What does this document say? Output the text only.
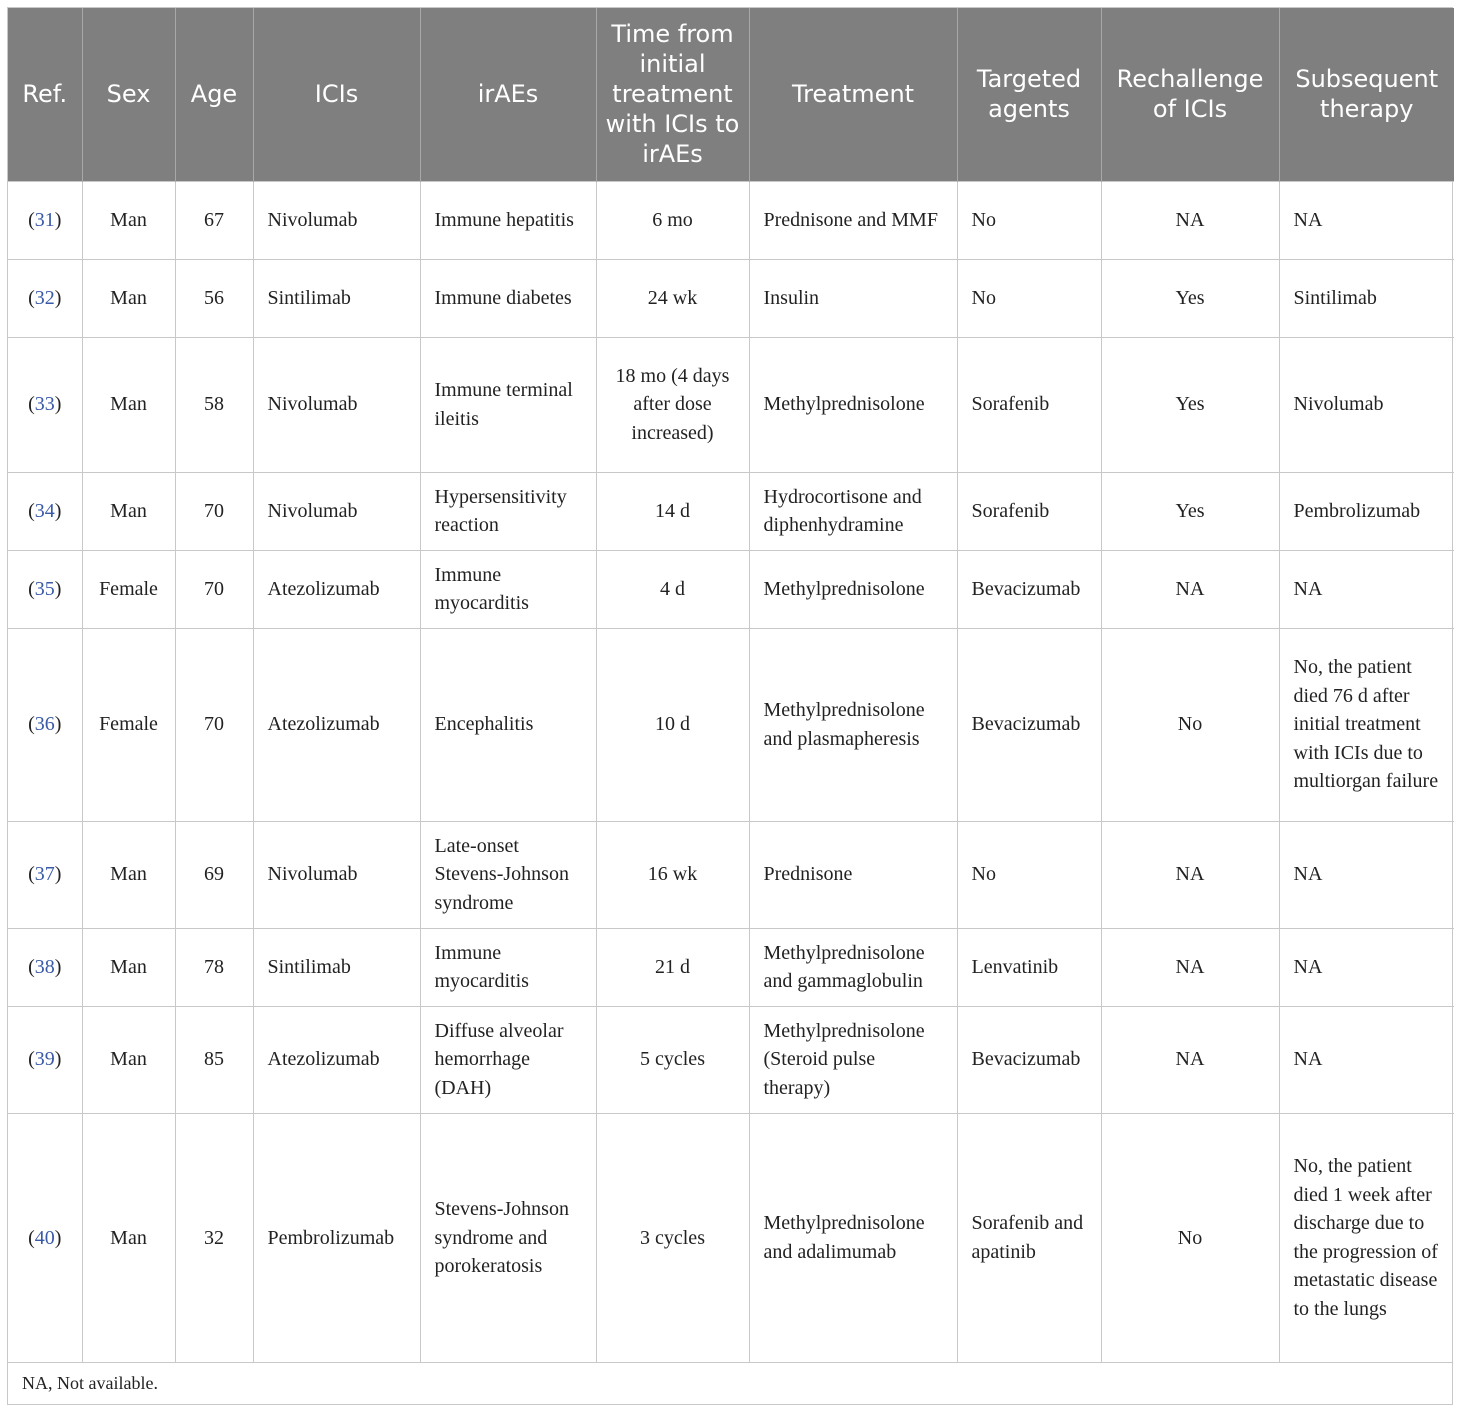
Ref.	Sex	Age	ICIs	irAEs	Time from initial treatment with ICIs to irAEs	Treatment	Targeted agents	Rechallenge of ICIs	Subsequent therapy
(31)	Man	67	Nivolumab	Immune hepatitis	6 mo	Prednisone and MMF	No	NA	NA
(32)	Man	56	Sintilimab	Immune diabetes	24 wk	Insulin	No	Yes	Sintilimab
(33)	Man	58	Nivolumab	Immune terminal ileitis	18 mo (4 days after dose increased)	Methylprednisolone	Sorafenib	Yes	Nivolumab
(34)	Man	70	Nivolumab	Hypersensitivity reaction	14 d	Hydrocortisone and diphenhydramine	Sorafenib	Yes	Pembrolizumab
(35)	Female	70	Atezolizumab	Immune myocarditis	4 d	Methylprednisolone	Bevacizumab	NA	NA
(36)	Female	70	Atezolizumab	Encephalitis	10 d	Methylprednisolone and plasmapheresis	Bevacizumab	No	No, the patient died 76 d after initial treatment with ICIs due to multiorgan failure
(37)	Man	69	Nivolumab	Late-onset Stevens-Johnson syndrome	16 wk	Prednisone	No	NA	NA
(38)	Man	78	Sintilimab	Immune myocarditis	21 d	Methylprednisolone and gammaglobulin	Lenvatinib	NA	NA
(39)	Man	85	Atezolizumab	Diffuse alveolar hemorrhage (DAH)	5 cycles	Methylprednisolone (Steroid pulse therapy)	Bevacizumab	NA	NA
(40)	Man	32	Pembrolizumab	Stevens-Johnson syndrome and porokeratosis	3 cycles	Methylprednisolone and adalimumab	Sorafenib and apatinib	No	No, the patient died 1 week after discharge due to the progression of metastatic disease to the lungs
NA, Not available.
